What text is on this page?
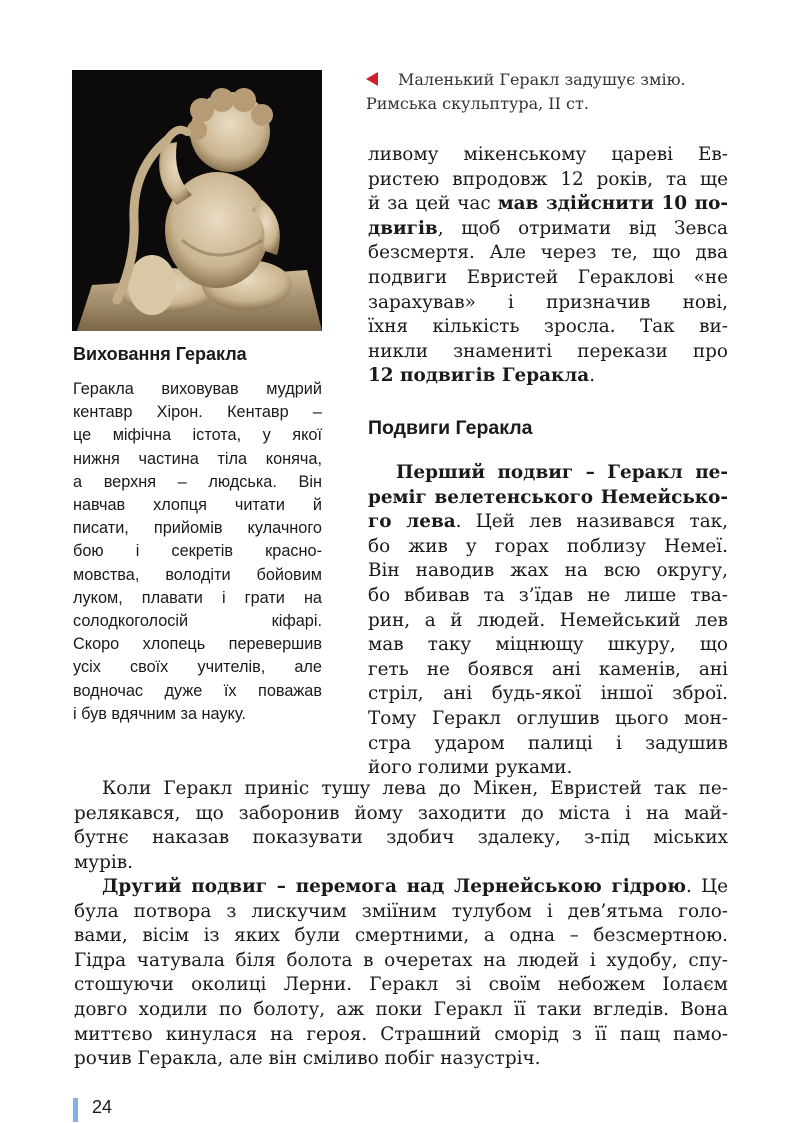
Маленький Геракл задушує змію.
Римська скульптура, ІІ ст.
Виховання Геракла
Геракла виховував мудрий
кентавр Хірон. Кентавр –
це міфічна істота, у якої
нижня частина тіла коняча,
а верхня – людська. Він
навчав хлопця читати й
писати, прийомів кулачного
бою і секретів красно-
мовства, володіти бойовим
луком, плавати і грати на
солодкоголосій кіфарі.
Скоро хлопець перевершив
усіх своїх учителів, але
водночас дуже їх поважав
і був вдячним за науку.
ливому мікенському цареві Ев-
ристею впродовж 12 років, та ще
й за цей час мав здійснити 10 по-
двигів, щоб отримати від Зевса
безсмертя. Але через те, що два
подвиги Евристей Гераклові «не
зарахував» і призначив нові,
їхня кількість зросла. Так ви-
никли знамениті перекази про
12 подвигів Геракла.
Подвиги Геракла
Перший подвиг – Геракл пе-
реміг велетенського Немейсько-
го лева. Цей лев називався так,
бо жив у горах поблизу Немеї.
Він наводив жах на всю округу,
бо вбивав та з’їдав не лише тва-
рин, а й людей. Немейський лев
мав таку міцнющу шкуру, що
геть не боявся ані каменів, ані
стріл, ані будь-якої іншої зброї.
Тому Геракл оглушив цього мон-
стра ударом палиці і задушив
його голими руками.
Коли Геракл приніс тушу лева до Мікен, Евристей так пе-
релякався, що заборонив йому заходити до міста і на май-
бутнє наказав показувати здобич здалеку, з-під міських
мурів.
Другий подвиг – перемога над Лернейською гідрою. Це
була потвора з лискучим зміїним тулубом і дев’ятьма голо-
вами, вісім із яких були смертними, а одна – безсмертною.
Гідра чатувала біля болота в очеретах на людей і худобу, спу-
стошуючи околиці Лерни. Геракл зі своїм небожем Іолаєм
довго ходили по болоту, аж поки Геракл її таки вгледів. Вона
миттєво кинулася на героя. Страшний сморід з її пащ памо-
рочив Геракла, але він сміливо побіг назустріч.
24
